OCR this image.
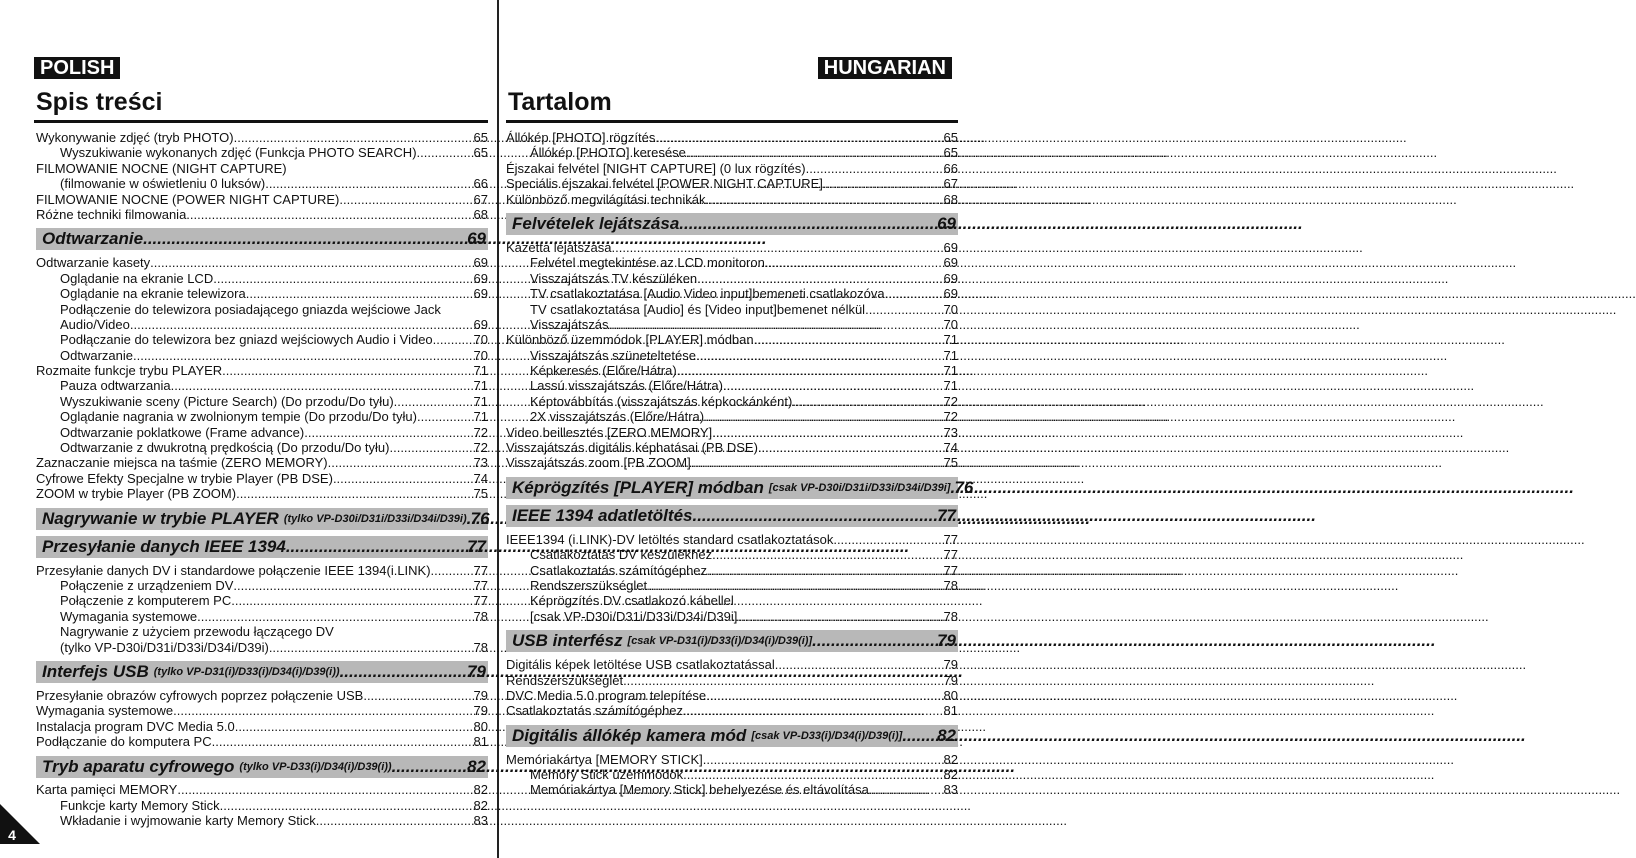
POLISH
Spis treści
Wykonywanie zdjęć (tryb PHOTO) .....	65
Wyszukiwanie wykonanych zdjęć (Funkcja PHOTO SEARCH) .....	65
FILMOWANIE NOCNE (NIGHT CAPTURE)
(filmowanie w oświetleniu 0 luksów) .....	66
FILMOWANIE NOCNE (POWER NIGHT CAPTURE) .....	67
Różne techniki filmowania .....	68
Odtwarzanie .....	69
Odtwarzanie kasety .....	69
Oglądanie na ekranie LCD .....	69
Oglądanie na ekranie telewizora .....	69
Podłączenie do telewizora posiadającego gniazda wejściowe Jack
Audio/Video .....	69
Podłączanie do telewizora bez gniazd wejściowych Audio i Video .....	70
Odtwarzanie .....	70
Rozmaite funkcje trybu PLAYER .....	71
Pauza odtwarzania .....	71
Wyszukiwanie sceny (Picture Search) (Do przodu/Do tyłu) .....	71
Oglądanie nagrania w zwolnionym tempie (Do przodu/Do tyłu) .....	71
Odtwarzanie poklatkowe (Frame advance) .....	72
Odtwarzanie z dwukrotną prędkością (Do przodu/Do tyłu) .....	72
Zaznaczanie miejsca na taśmie (ZERO MEMORY) .....	73
Cyfrowe Efekty Specjalne w trybie Player (PB DSE) .....	74
ZOOM w trybie Player (PB ZOOM) .....	75
Nagrywanie w trybie PLAYER (tylko VP-D30i/D31i/D33i/D34i/D39i) ..... 76
Przesyłanie danych IEEE 1394 .....	77
Przesyłanie danych DV i standardowe połączenie IEEE 1394(i.LINK) .....	77
Połączenie z urządzeniem DV .....	77
Połączenie z komputerem PC .....	77
Wymagania systemowe .....	78
Nagrywanie z użyciem przewodu łączącego DV
(tylko VP-D30i/D31i/D33i/D34i/D39i) .....	78
Interfejs USB (tylko VP-D31(i)/D33(i)/D34(i)/D39(i)) .....	79
Przesyłanie obrazów cyfrowych poprzez połączenie USB .....	79
Wymagania systemowe .....	79
Instalacja program DVC Media 5.0 .....	80
Podłączanie do komputera PC .....	81
Tryb aparatu cyfrowego (tylko VP-D33(i)/D34(i)/D39(i)) .....	82
Karta pamięci MEMORY .....	82
Funkcje karty Memory Stick .....	82
Wkładanie i wyjmowanie karty Memory Stick .....	83
HUNGARIAN
Tartalom
Állókép [PHOTO] rögzítés .....	65
Állókép [PHOTO] keresése .....	65
Éjszakai felvétel [NIGHT CAPTURE] (0 lux rögzítés) .....	66
Speciális éjszakai felvétel [POWER NIGHT CAPTURE] .....	67
Különböző megvilágítási technikák .....	68
Felvételek lejátszása .....	69
Kazetta lejátszása .....	69
Felvétel megtekintése az LCD monitoron .....	69
Visszajátszás TV készüléken .....	69
TV csatlakoztatása [Audio Video input]bemeneti csatlakozóva .....	69
TV csatlakoztatása [Audio] és [Video input]bemenet nélkül .....	70
Visszajátszás .....	70
Különböző üzemmódok [PLAYER] módban .....	71
Visszajátszás szüneteltetése .....	71
Képkeresés (Előre/Hátra) .....	71
Lassú visszajátszás (Előre/Hátra) .....	71
Képtovábbítás (visszajátszás képkockánként) .....	72
2X visszajátszás (Előre/Hátra) .....	72
Video beillesztés [ZERO MEMORY] .....	73
Visszajátszás digitális képhatásai (PB DSE) .....	74
Visszajátszás zoom [PB ZOOM] .....	75
Képrögzítés [PLAYER] módban [csak VP-D30i/D31i/D33i/D34i/D39i] ..... 76
IEEE 1394 adatletöltés .....	77
IEEE1394 (i.LINK)-DV letöltés standard csatlakoztatások .....	77
Csatlakoztatás DV készülékhez .....	77
Csatlakoztatás számítógéphez .....	77
Rendszerszükséglet .....	78
Képrögzítés DV csatlakozó kábellel
[csak VP-D30i/D31i/D33i/D34i/D39i] .....	78
USB interfész [csak VP-D31(i)/D33(i)/D34(i)/D39(i)] .....	79
Digitális képek letöltése USB csatlakoztatással .....	79
Rendszerszükséglet .....	79
DVC Media 5.0 program telepítése .....	80
Csatlakoztatás számítógéphez .....	81
Digitális állókép kamera mód [csak VP-D33(i)/D34(i)/D39(i)] ..... 82
Memóriakártya [MEMORY STICK] .....	82
Memory Stick üzemmódok .....	82
Memóriakártya [Memory Stick] behelyezése és eltávolítása .....	83
4
